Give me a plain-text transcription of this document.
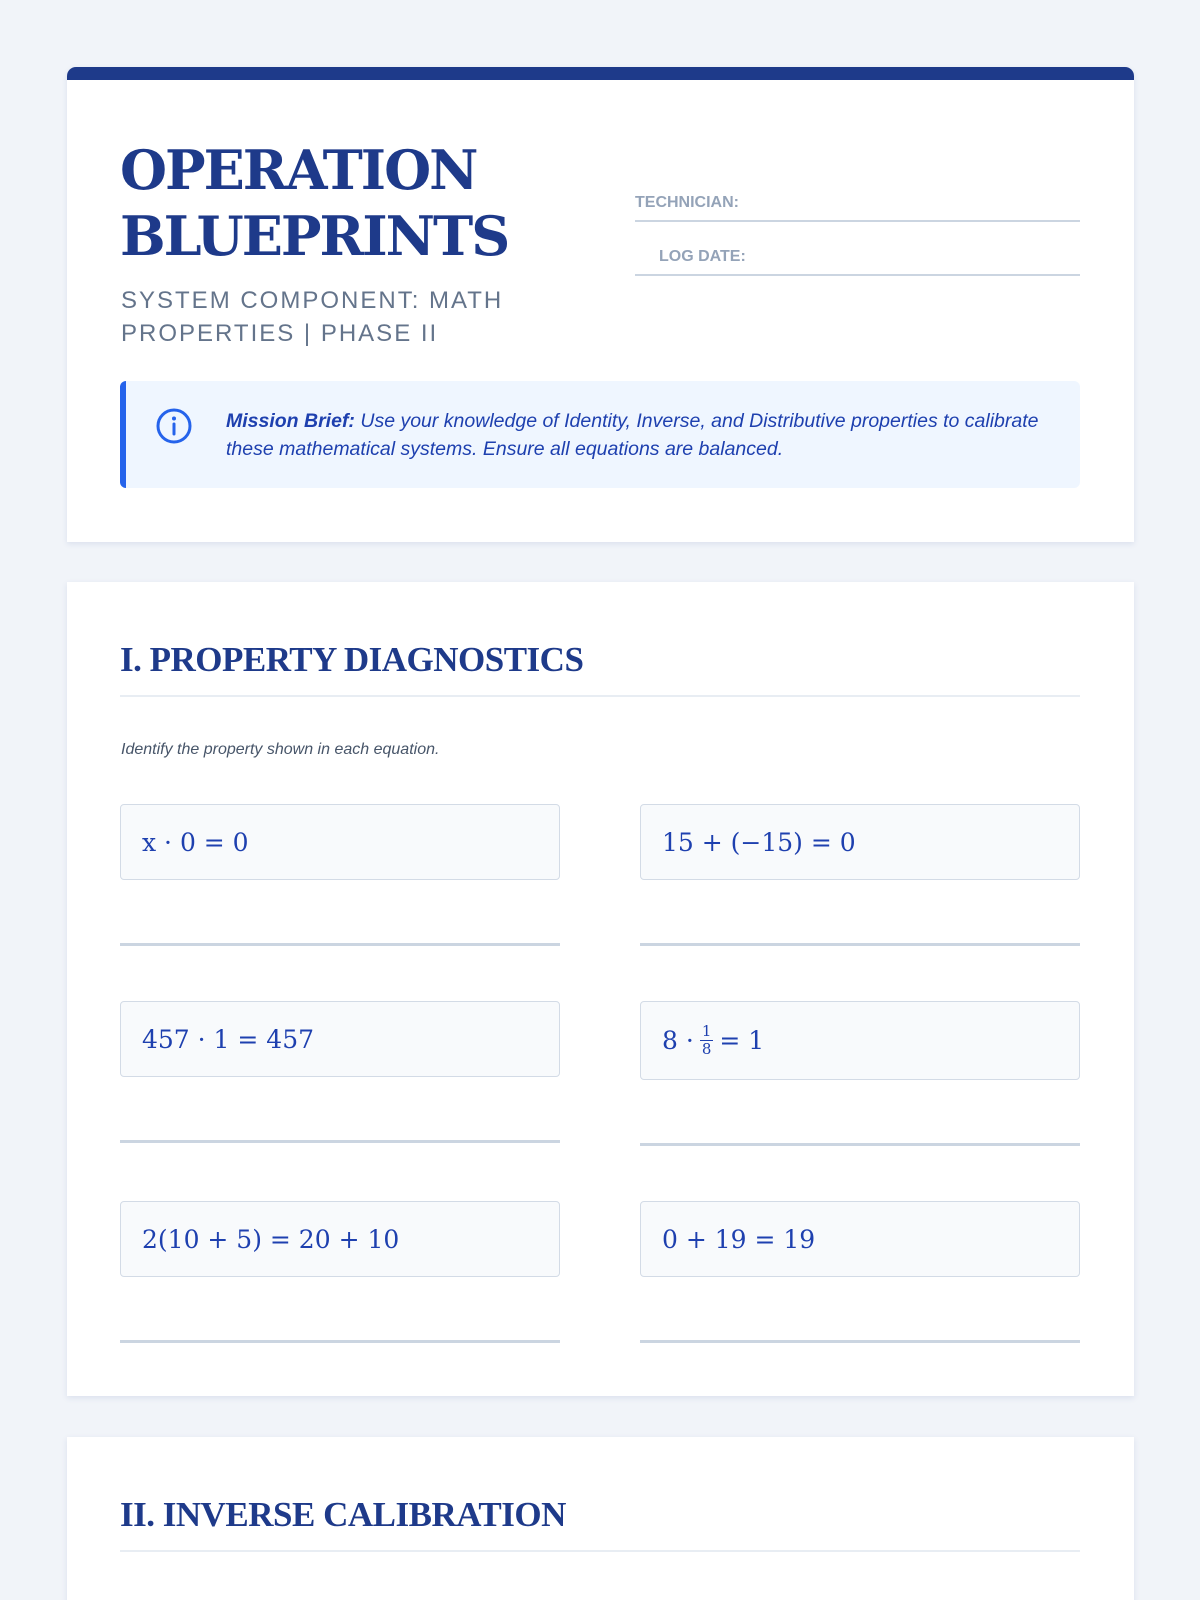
OPERATION
BLUEPRINTS
SYSTEM COMPONENT: MATH PROPERTIES | PHASE II
TECHNICIAN:
LOG DATE:

Mission Brief: Use your knowledge of Identity, Inverse, and Distributive properties to calibrate these mathematical systems. Ensure all equations are balanced.

I. PROPERTY DIAGNOSTICS

Identify the property shown in each equation.

x · 0 = 0	15 + (−15) = 0
457 · 1 = 457	$8 \cdot \frac{1}{8} = 1$
2(10 + 5) = 20 + 10	0 + 19 = 19
II. INVERSE CALIBRATION
